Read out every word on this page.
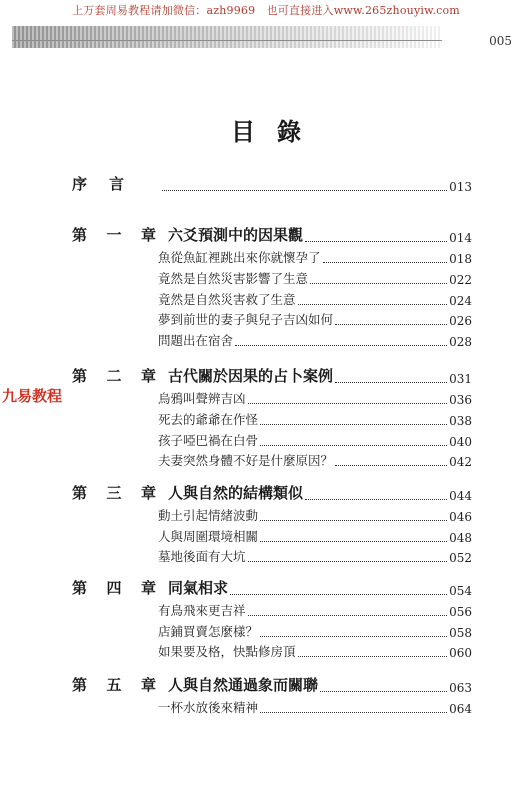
上万套周易教程请加微信：azh9969　也可直接进入www.265zhouyiw.com
005
目錄
九易教程
序 言	013
第 一 章 六爻預測中的因果觀	014
魚從魚缸裡跳出來你就懷孕了	018
竟然是自然災害影響了生意	022
竟然是自然災害救了生意	024
夢到前世的妻子與兒子吉凶如何	026
問題出在宿舍	028
第 二 章 古代關於因果的占卜案例	031
烏鴉叫聲辨吉凶	036
死去的爺爺在作怪	038
孩子啞巴禍在白骨	040
夫妻突然身體不好是什麼原因？	042
第 三 章 人與自然的結構類似	044
動土引起情緒波動	046
人與周圍環境相關	048
墓地後面有大坑	052
第 四 章 同氣相求	054
有鳥飛來更吉祥	056
店鋪買賣怎麼樣？	058
如果要及格，快點修房頂	060
第 五 章 人與自然通過象而關聯	063
一杯水放後來精神	064
